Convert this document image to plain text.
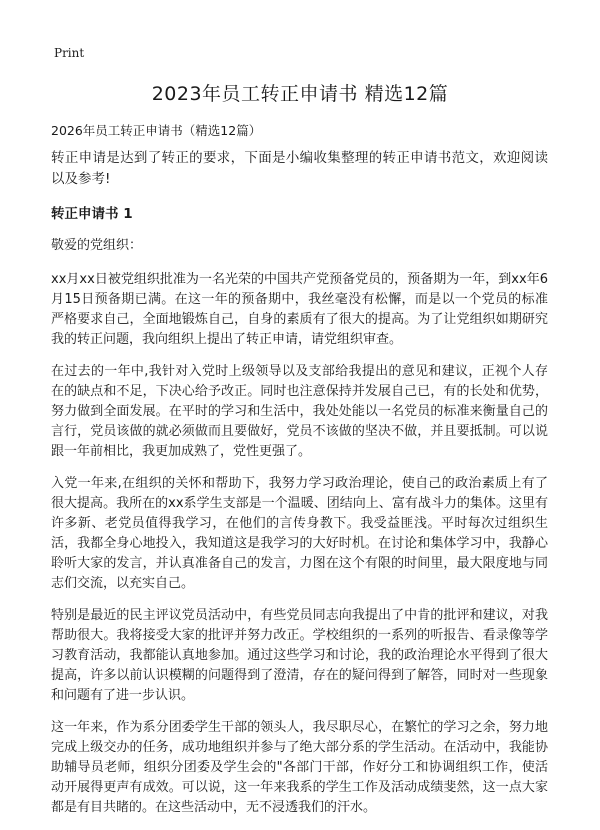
Print
2023年员工转正申请书 精选12篇

2026年员工转正申请书（精选12篇）

转正申请是达到了转正的要求，下面是小编收集整理的转正申请书范文，欢迎阅读以及参考!

转正申请书 1

敬爱的党组织：

xx月xx日被党组织批准为一名光荣的中国共产党预备党员的，预备期为一年，到xx年6月15日预备期已满。在这一年的预备期中，我丝毫没有松懈，而是以一个党员的标准严格要求自己，全面地锻炼自己，自身的素质有了很大的提高。为了让党组织如期研究我的转正问题，我向组织上提出了转正申请，请党组织审查。

在过去的一年中,我针对入党时上级领导以及支部给我提出的意见和建议，正视个人存在的缺点和不足，下决心给予改正。同时也注意保持并发展自己已，有的长处和优势，努力做到全面发展。在平时的学习和生活中，我处处能以一名党员的标准来衡量自己的言行，党员该做的就必须做而且要做好，党员不该做的坚决不做，并且要抵制。可以说跟一年前相比，我更加成熟了，党性更强了。

入党一年来,在组织的关怀和帮助下，我努力学习政治理论，使自己的政治素质上有了很大提高。我所在的xx系学生支部是一个温暖、团结向上、富有战斗力的集体。这里有许多新、老党员值得我学习，在他们的言传身教下。我受益匪浅。平时每次过组织生活，我都全身心地投入，我知道这是我学习的大好时机。在讨论和集体学习中，我静心聆听大家的发言，并认真准备自己的发言，力图在这个有限的时间里，最大限度地与同志们交流，以充实自己。

特别是最近的民主评议党员活动中，有些党员同志向我提出了中肯的批评和建议，对我帮助很大。我将接受大家的批评并努力改正。学校组织的一系列的听报告、看录像等学习教育活动，我都能认真地参加。通过这些学习和讨论，我的政治理论水平得到了很大提高，许多以前认识模糊的问题得到了澄清，存在的疑问得到了解答，同时对一些现象和问题有了进一步认识。

这一年来，作为系分团委学生干部的领头人，我尽职尽心，在繁忙的学习之余，努力地完成上级交办的任务，成功地组织并参与了绝大部分系的学生活动。在活动中，我能协助辅导员老师，组织分团委及学生会的"各部门干部，作好分工和协调组织工作，使活动开展得更声有成效。可以说，这一年来我系的学生工作及活动成绩斐然，这一点大家都是有目共睹的。在这些活动中，无不浸透我们的汗水。
